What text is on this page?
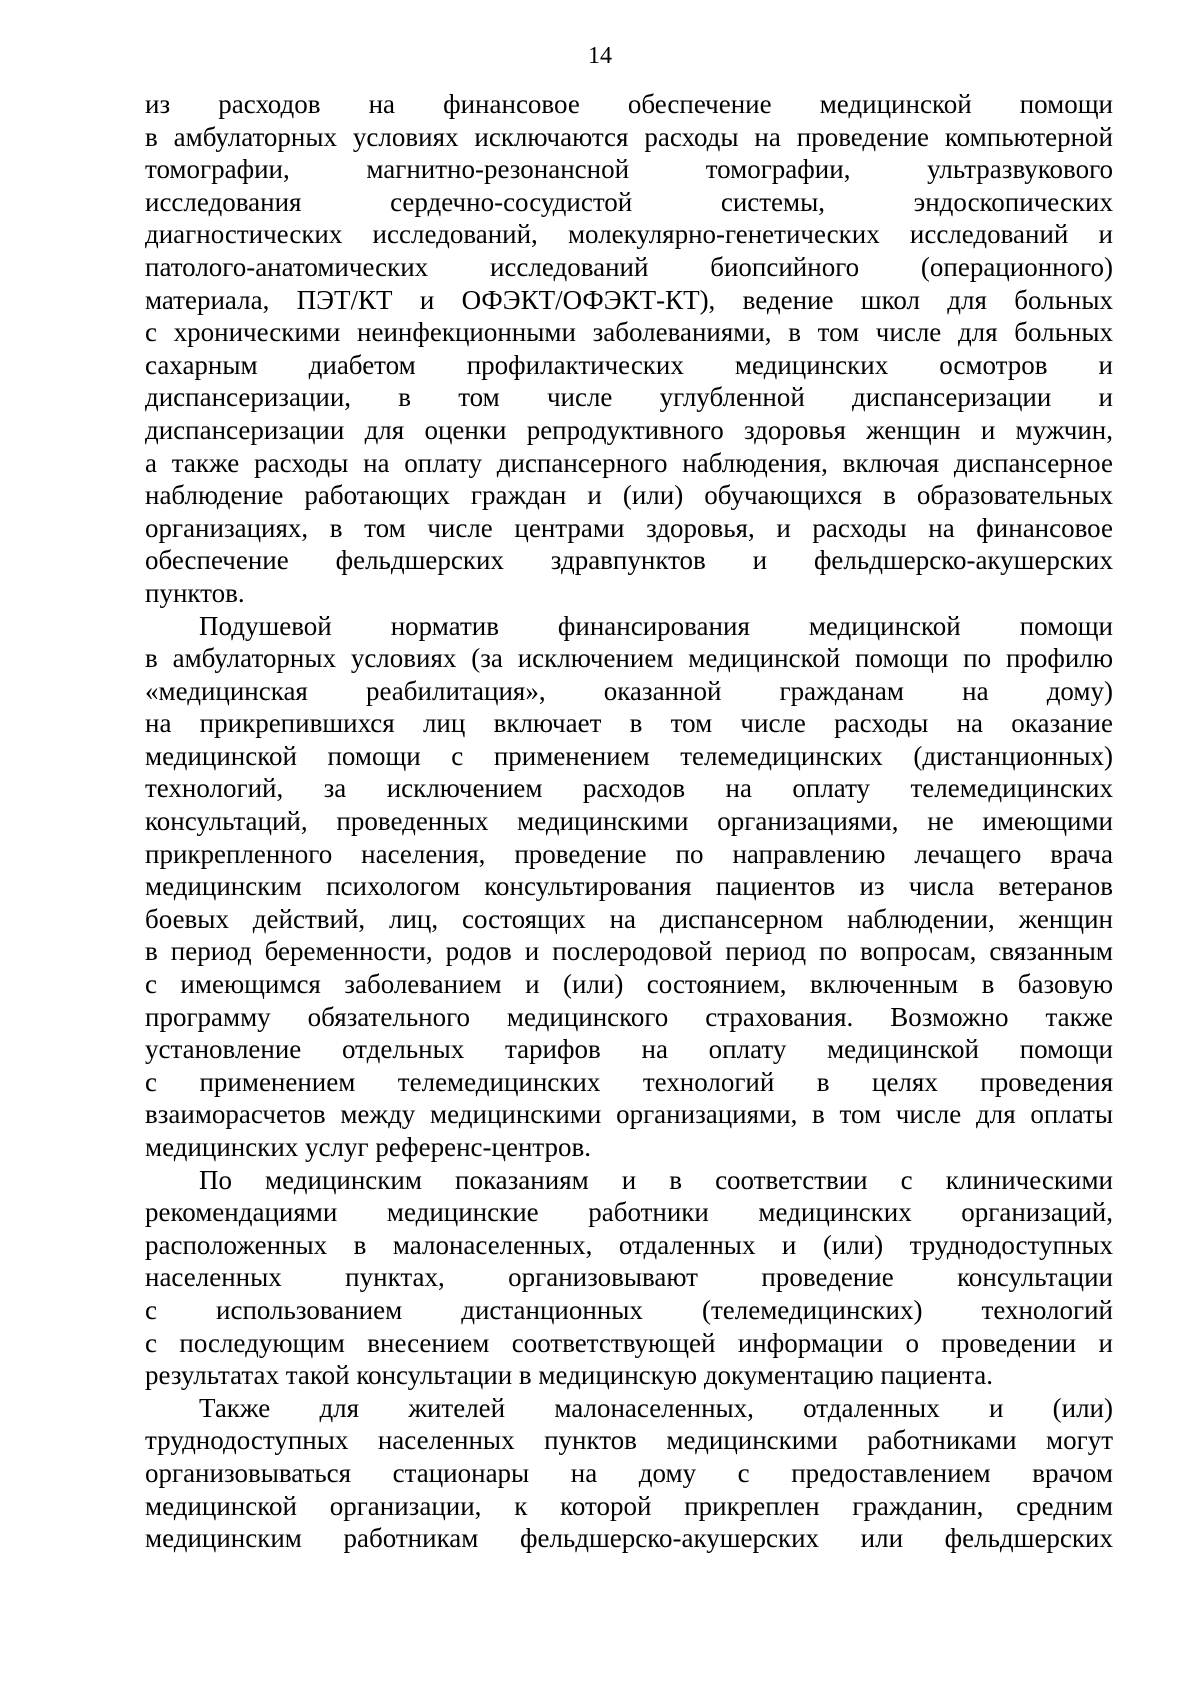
14

из расходов на финансовое обеспечение медицинской помощи
в амбулаторных условиях исключаются расходы на проведение компьютерной
томографии, магнитно-резонансной томографии, ультразвукового
исследования сердечно-сосудистой системы, эндоскопических
диагностических исследований, молекулярно-генетических исследований и
патолого-анатомических исследований биопсийного (операционного)
материала, ПЭТ/КТ и ОФЭКТ/ОФЭКТ-КТ), ведение школ для больных
с хроническими неинфекционными заболеваниями, в том числе для больных
сахарным диабетом профилактических медицинских осмотров и
диспансеризации, в том числе углубленной диспансеризации и
диспансеризации для оценки репродуктивного здоровья женщин и мужчин,
а также расходы на оплату диспансерного наблюдения, включая диспансерное
наблюдение работающих граждан и (или) обучающихся в образовательных
организациях, в том числе центрами здоровья, и расходы на финансовое
обеспечение фельдшерских здравпунктов и фельдшерско-акушерских
пунктов.

Подушевой норматив финансирования медицинской помощи
в амбулаторных условиях (за исключением медицинской помощи по профилю
«медицинская реабилитация», оказанной гражданам на дому)
на прикрепившихся лиц включает в том числе расходы на оказание
медицинской помощи с применением телемедицинских (дистанционных)
технологий, за исключением расходов на оплату телемедицинских
консультаций, проведенных медицинскими организациями, не имеющими
прикрепленного населения, проведение по направлению лечащего врача
медицинским психологом консультирования пациентов из числа ветеранов
боевых действий, лиц, состоящих на диспансерном наблюдении, женщин
в период беременности, родов и послеродовой период по вопросам, связанным
с имеющимся заболеванием и (или) состоянием, включенным в базовую
программу обязательного медицинского страхования. Возможно также
установление отдельных тарифов на оплату медицинской помощи
с применением телемедицинских технологий в целях проведения
взаиморасчетов между медицинскими организациями, в том числе для оплаты
медицинских услуг референс-центров.

По медицинским показаниям и в соответствии с клиническими
рекомендациями медицинские работники медицинских организаций,
расположенных в малонаселенных, отдаленных и (или) труднодоступных
населенных пунктах, организовывают проведение консультации
с использованием дистанционных (телемедицинских) технологий
с последующим внесением соответствующей информации о проведении и
результатах такой консультации в медицинскую документацию пациента.

Также для жителей малонаселенных, отдаленных и (или)
труднодоступных населенных пунктов медицинскими работниками могут
организовываться стационары на дому с предоставлением врачом
медицинской организации, к которой прикреплен гражданин, средним
медицинским работникам фельдшерско-акушерских или фельдшерских
